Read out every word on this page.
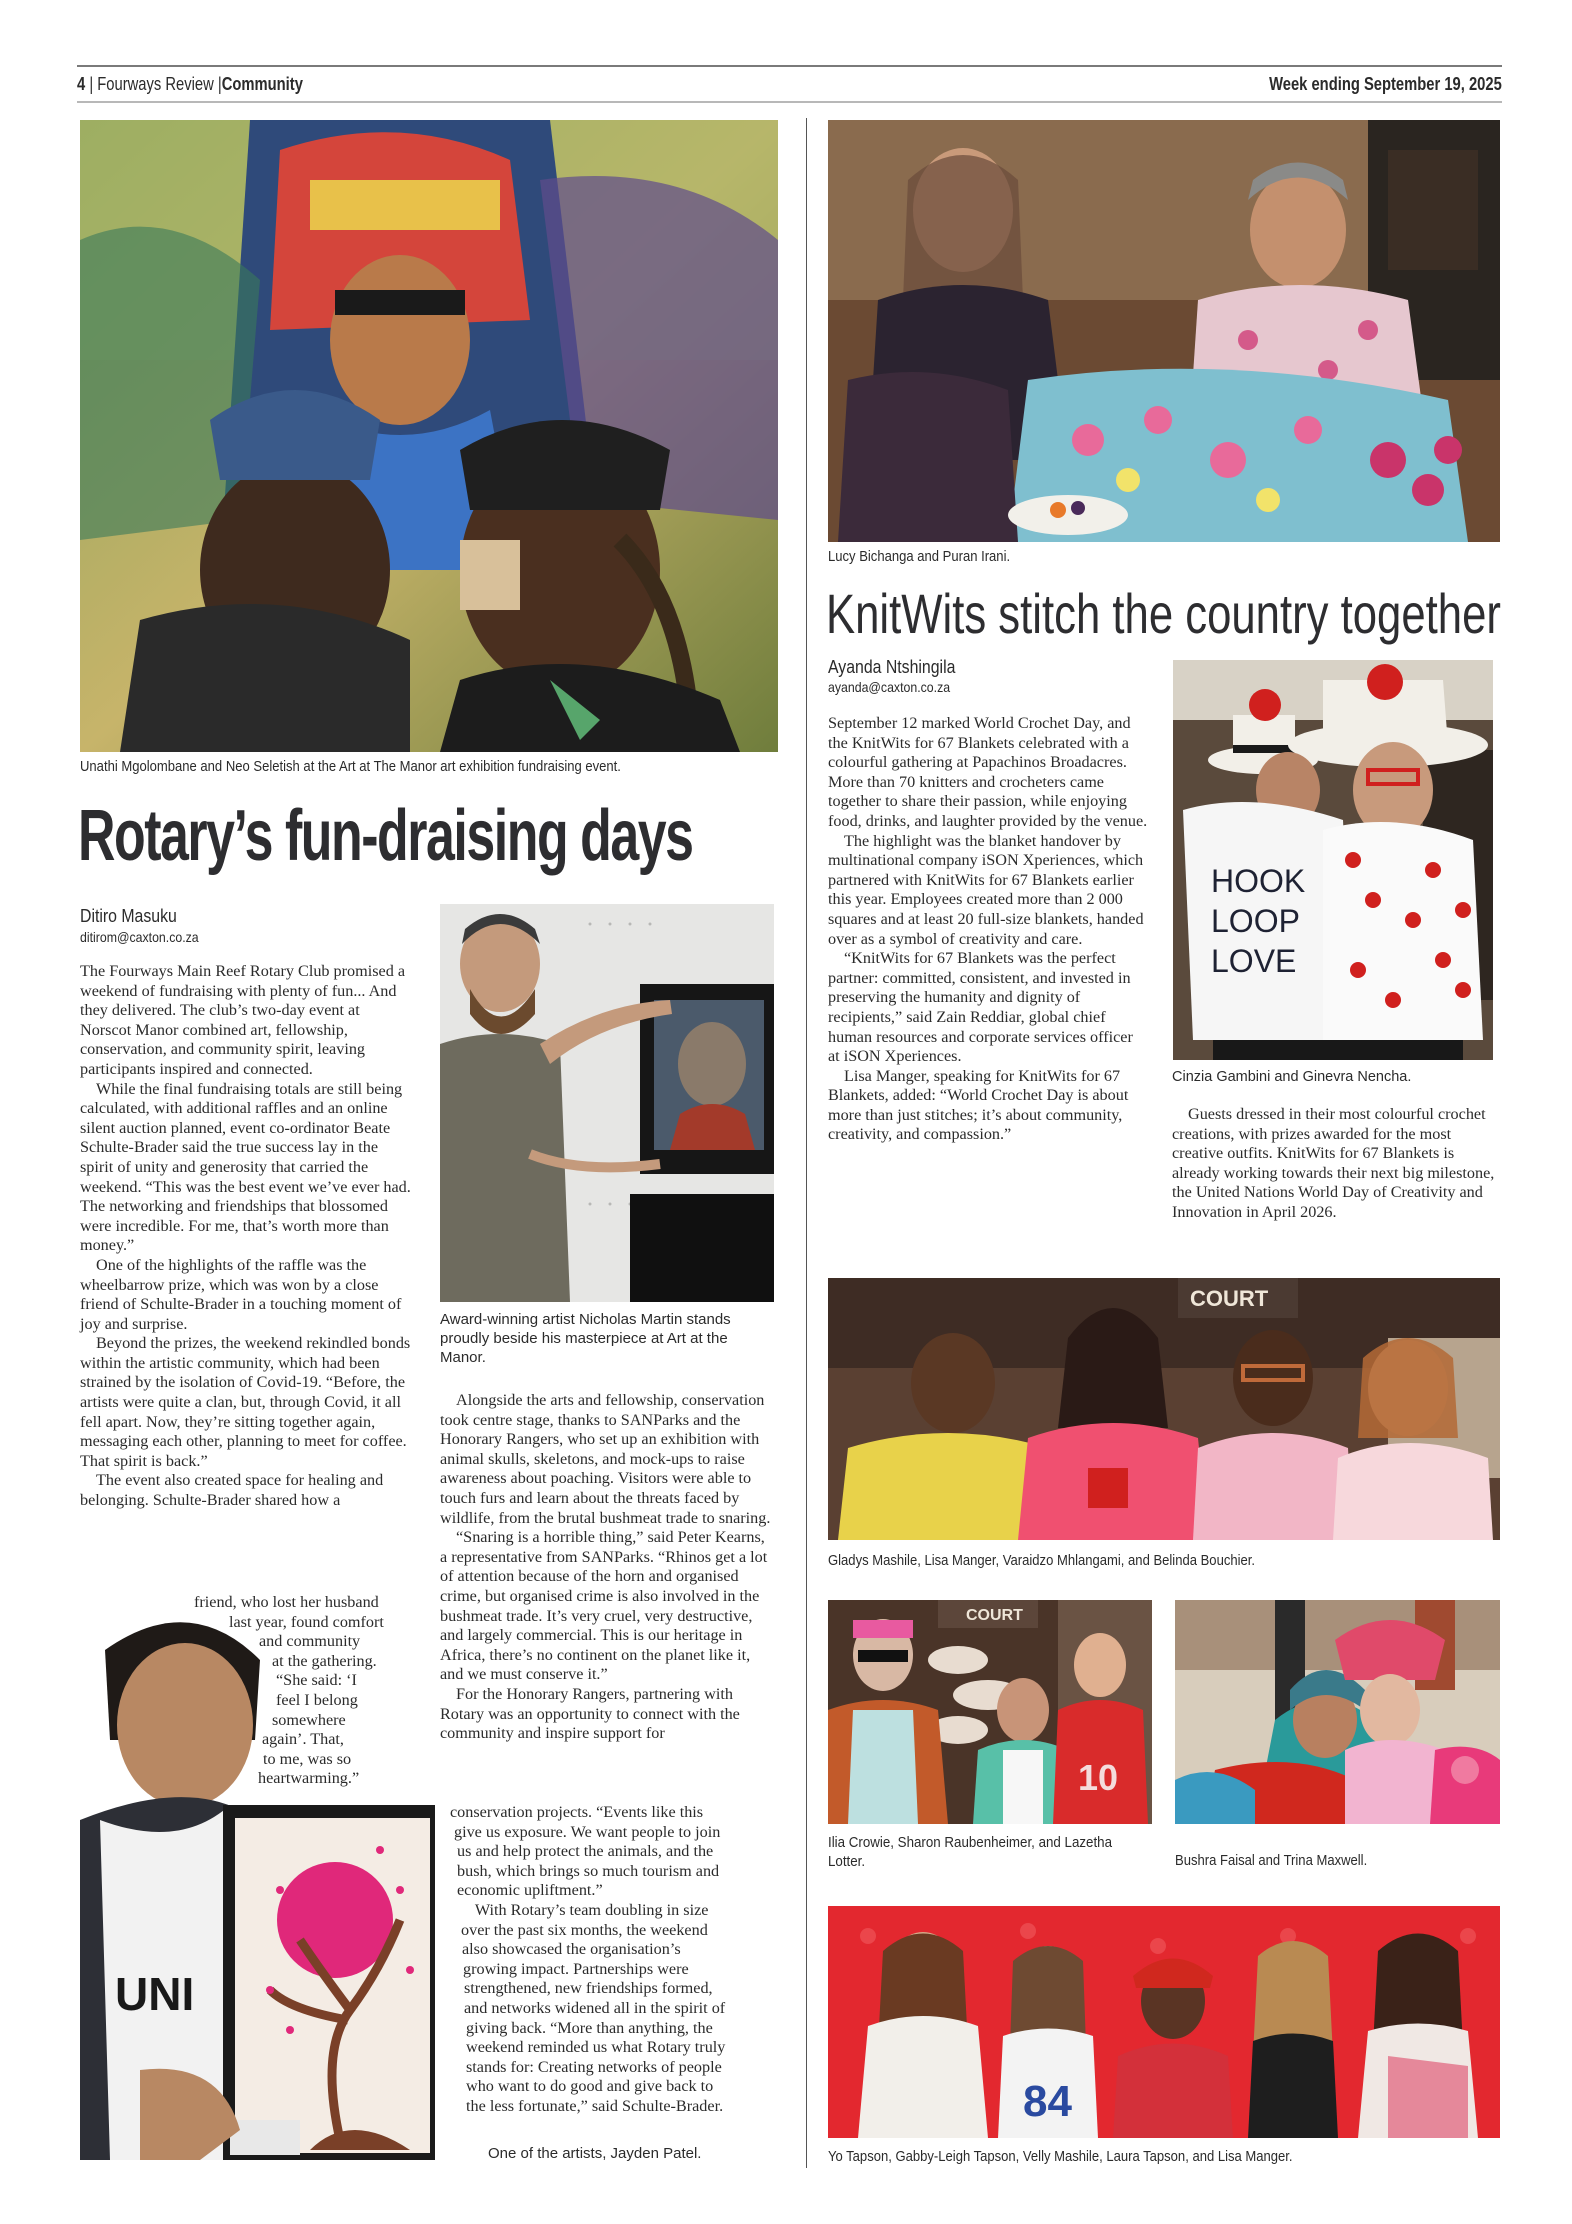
4 | Fourways Review |Community	Week ending September 19, 2025
Unathi Mgolombane and Neo Seletish at the Art at The Manor art exhibition fundraising event.
Rotary’s fun-draising days
Ditiro Masuku
ditirom@caxton.co.za

The Fourways Main Reef Rotary Club promised a weekend of fundraising with plenty of fun... And they delivered. The club’s two-day event at Norscot Manor combined art, fellowship, conservation, and community spirit, leaving participants inspired and connected.

While the final fundraising totals are still being calculated, with additional raffles and an online silent auction planned, event co-ordinator Beate Schulte-Brader said the true success lay in the spirit of unity and generosity that carried the weekend. “This was the best event we’ve ever had. The networking and friendships that blossomed were incredible. For me, that’s worth more than money.”

One of the highlights of the raffle was the wheelbarrow prize, which was won by a close friend of Schulte-Brader in a touching moment of joy and surprise.

Beyond the prizes, the weekend rekindled bonds within the artistic community, which had been strained by the isolation of Covid-19. “Before, the artists were quite a clan, but, through Covid, it all fell apart. Now, they’re sitting together again, messaging each other, planning to meet for coffee. That spirit is back.”

The event also created space for healing and belonging. Schulte-Brader shared how a

UNI
friend, who lost her husband
last year, found comfort
and community
at the gathering.
“She said: ‘I
feel I belong
somewhere
again’. That,
to me, was so
heartwarming.”
Award-winning artist Nicholas Martin stands proudly beside his masterpiece at Art at the Manor.

Alongside the arts and fellowship, conservation took centre stage, thanks to SANParks and the Honorary Rangers, who set up an exhibition with animal skulls, skeletons, and mock-ups to raise awareness about poaching. Visitors were able to touch furs and learn about the threats faced by wildlife, from the brutal bushmeat trade to snaring.

“Snaring is a horrible thing,” said Peter Kearns, a representative from SANParks. “Rhinos get a lot of attention because of the horn and organised crime, but organised crime is also involved in the bushmeat trade. It’s very cruel, very destructive, and largely commercial. This is our heritage in Africa, there’s no continent on the planet like it, and we must conserve it.”

For the Honorary Rangers, partnering with Rotary was an opportunity to connect with the community and inspire support for

conservation projects. “Events like this
give us exposure. We want people to join
us and help protect the animals, and the
bush, which brings so much tourism and
economic upliftment.”
With Rotary’s team doubling in size
over the past six months, the weekend
also showcased the organisation’s
growing impact. Partnerships were
strengthened, new friendships formed,
and networks widened all in the spirit of
giving back. “More than anything, the
weekend reminded us what Rotary truly
stands for: Creating networks of people
who want to do good and give back to
the less fortunate,” said Schulte-Brader.
One of the artists, Jayden Patel.
Lucy Bichanga and Puran Irani.
KnitWits stitch the country together
Ayanda Ntshingila
ayanda@caxton.co.za

September 12 marked World Crochet Day, and the KnitWits for 67 Blankets celebrated with a colourful gathering at Papachinos Broadacres. More than 70 knitters and crocheters came together to share their passion, while enjoying food, drinks, and laughter provided by the venue.

The highlight was the blanket handover by multinational company iSON Xperiences, which partnered with KnitWits for 67 Blankets earlier this year. Employees created more than 2 000 squares and at least 20 full-size blankets, handed over as a symbol of creativity and care.

“KnitWits for 67 Blankets was the perfect partner: committed, consistent, and invested in preserving the humanity and dignity of recipients,” said Zain Reddiar, global chief human resources and corporate services officer at iSON Xperiences.

Lisa Manger, speaking for KnitWits for 67 Blankets, added: “World Crochet Day is about more than just stitches; it’s about community, creativity, and compassion.”

HOOK
LOOP
LOVE
Cinzia Gambini and Ginevra Nencha.

Guests dressed in their most colourful crochet creations, with prizes awarded for the most creative outfits. KnitWits for 67 Blankets is already working towards their next big milestone, the United Nations World Day of Creativity and Innovation in April 2026.

COURT
Gladys Mashile, Lisa Manger, Varaidzo Mhlangami, and Belinda Bouchier.
COURT
10
Ilia Crowie, Sharon Raubenheimer, and Lazetha Lotter.	Bushra Faisal and Trina Maxwell.
84
Yo Tapson, Gabby-Leigh Tapson, Velly Mashile, Laura Tapson, and Lisa Manger.
